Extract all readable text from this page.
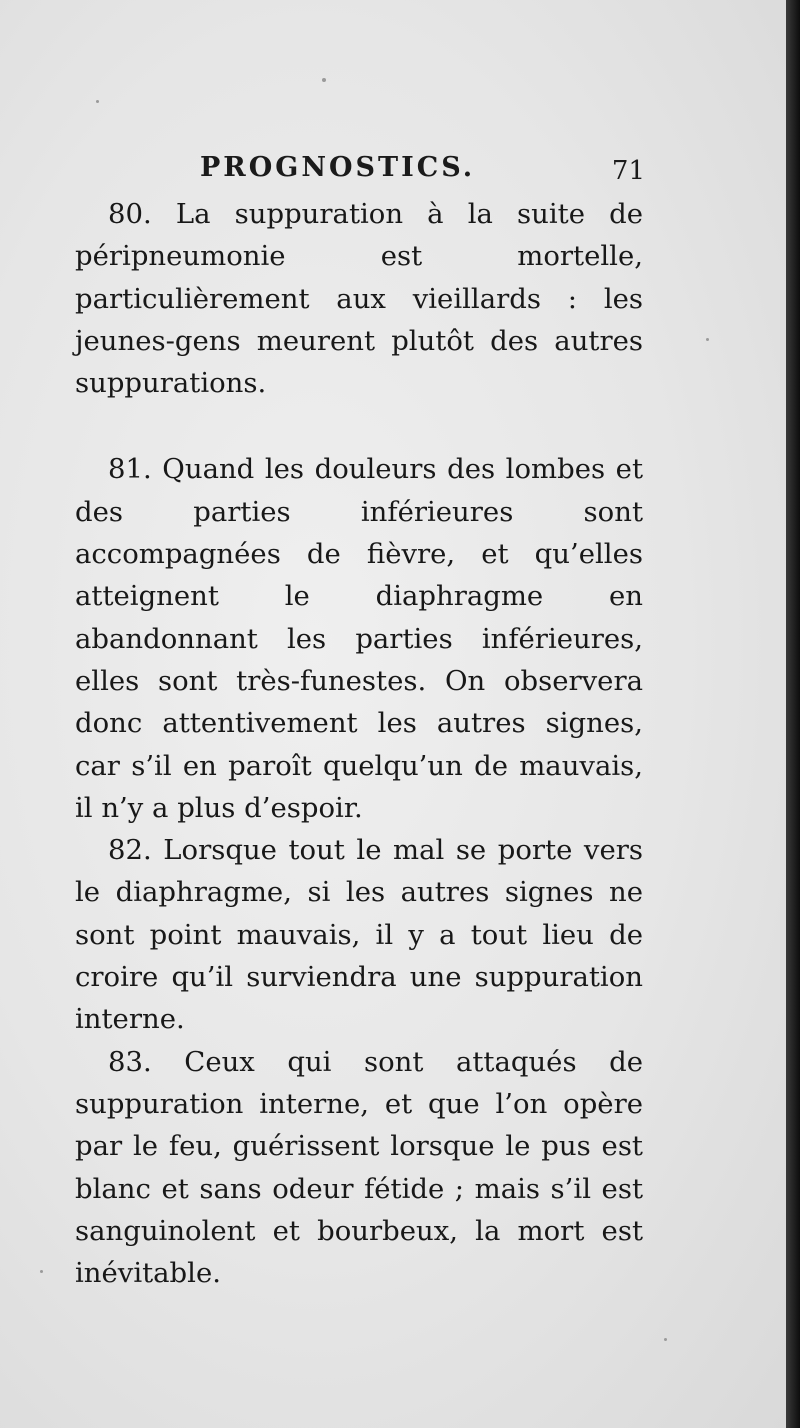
PROGNOSTICS.	71

80. La suppuration à la suite de péripneumonie est mortelle, particulièrement aux vieillards : les jeunes-gens meurent plutôt des autres suppurations.

81. Quand les douleurs des lombes et des parties inférieures sont accompagnées de fièvre, et qu’elles atteignent le diaphragme en abandonnant les parties inférieures, elles sont très-funestes. On observera donc attentivement les autres signes, car s’il en paroît quelqu’un de mauvais, il n’y a plus d’espoir.

82. Lorsque tout le mal se porte vers le diaphragme, si les autres signes ne sont point mauvais, il y a tout lieu de croire qu’il surviendra une suppuration interne.

83. Ceux qui sont attaqués de suppuration interne, et que l’on opère par le feu, guérissent lorsque le pus est blanc et sans odeur fétide ; mais s’il est sanguinolent et bourbeux, la mort est inévitable.
